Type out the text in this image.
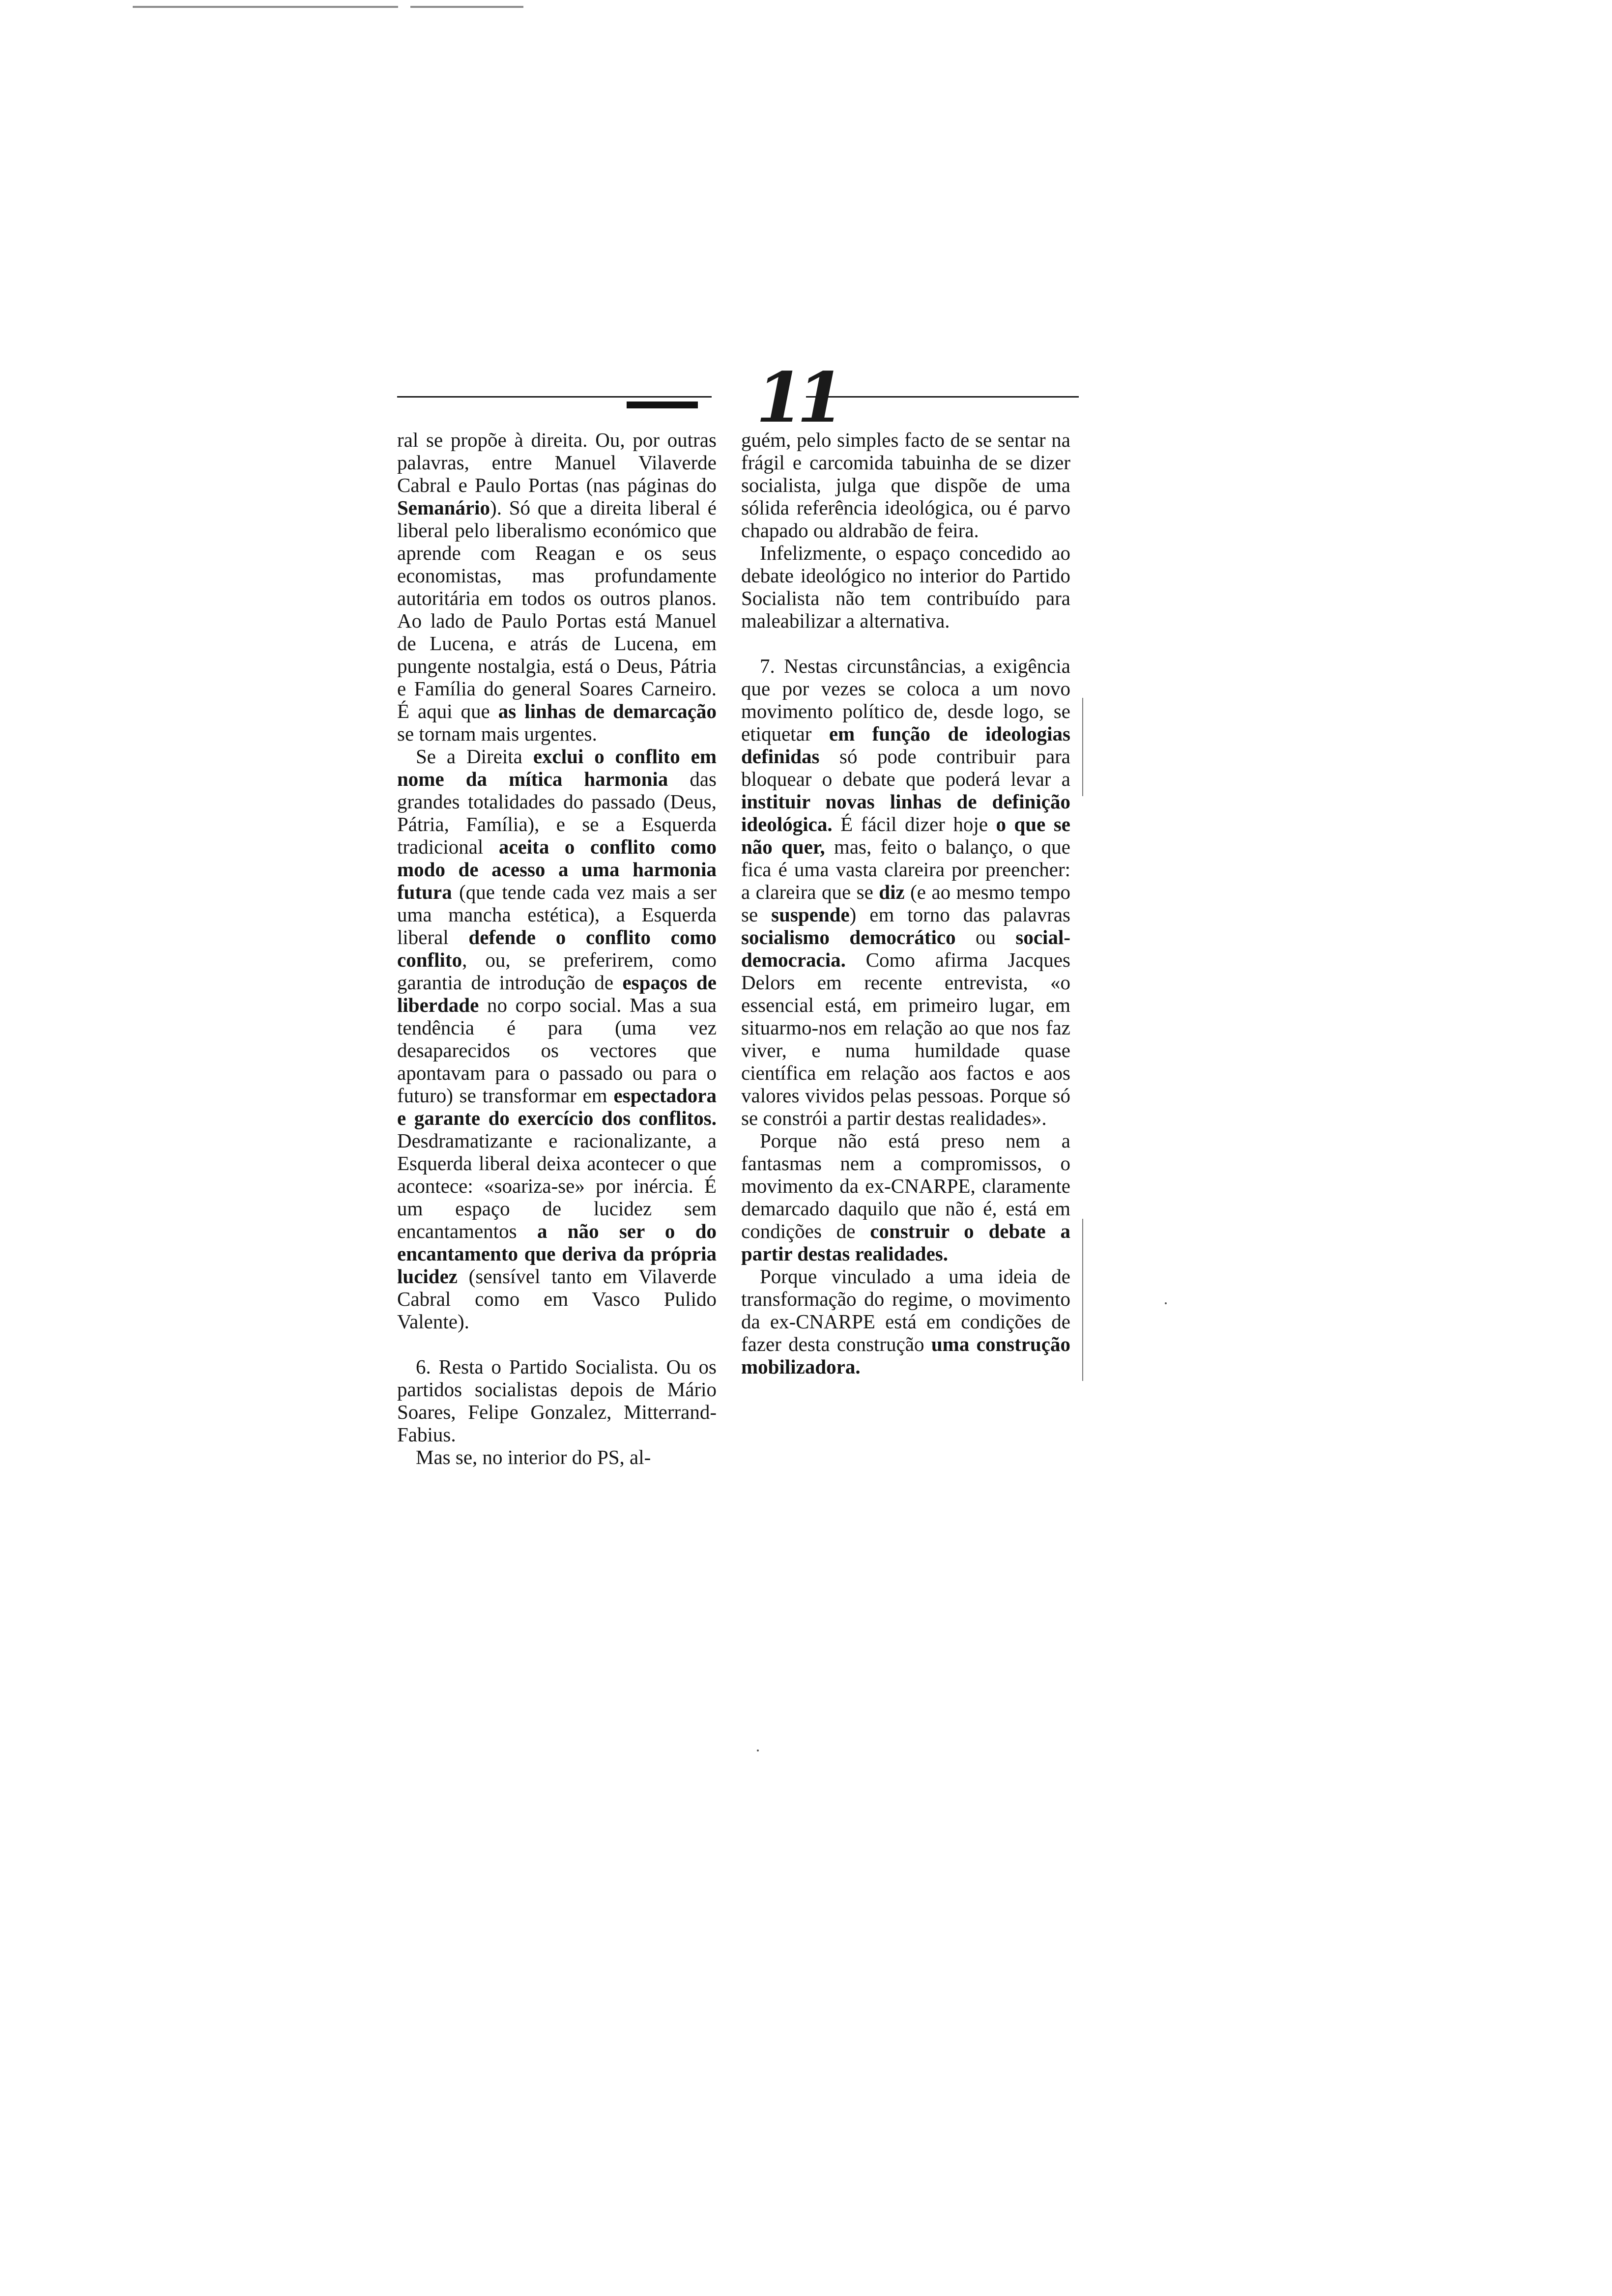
11

ral se propõe à direita. Ou, por outras palavras, entre Manuel Vilaverde Cabral e Paulo Portas (nas páginas do Semanário). Só que a direita liberal é liberal pelo liberalismo económico que aprende com Reagan e os seus economistas, mas profundamente autoritária em todos os outros planos. Ao lado de Paulo Portas está Manuel de Lucena, e atrás de Lucena, em pungente nostalgia, está o Deus, Pátria e Família do general Soares Carneiro. É aqui que as linhas de demarcação se tornam mais urgentes.

Se a Direita exclui o conflito em nome da mítica harmonia das grandes totalidades do passado (Deus, Pátria, Família), e se a Esquerda tradicional aceita o conflito como modo de acesso a uma harmonia futura (que tende cada vez mais a ser uma mancha estética), a Esquerda liberal defende o conflito como conflito, ou, se preferirem, como garantia de introdução de espaços de liberdade no corpo social. Mas a sua tendência é para (uma vez desaparecidos os vectores que apontavam para o passado ou para o futuro) se transformar em espectadora e garante do exercício dos conflitos. Desdramatizante e racionalizante, a Esquerda liberal deixa acontecer o que acontece: «soariza-se» por inércia. É um espaço de lucidez sem encantamentos a não ser o do encantamento que deriva da própria lucidez (sensível tanto em Vilaverde Cabral como em Vasco Pulido Valente).

6. Resta o Partido Socialista. Ou os partidos socialistas depois de Mário Soares, Felipe Gonzalez, Mitterrand-Fabius.

Mas se, no interior do PS, al-

guém, pelo simples facto de se sentar na frágil e carcomida tabuinha de se dizer socialista, julga que dispõe de uma sólida referência ideológica, ou é parvo chapado ou aldrabão de feira.

Infelizmente, o espaço concedido ao debate ideológico no interior do Partido Socialista não tem contribuído para maleabilizar a alternativa.

7. Nestas circunstâncias, a exigência que por vezes se coloca a um novo movimento político de, desde logo, se etiquetar em função de ideologias definidas só pode contribuir para bloquear o debate que poderá levar a instituir novas linhas de definição ideológica. É fácil dizer hoje o que se não quer, mas, feito o balanço, o que fica é uma vasta clareira por preencher: a clareira que se diz (e ao mesmo tempo se suspende) em torno das palavras socialismo democrático ou social-democracia. Como afirma Jacques Delors em recente entrevista, «o essencial está, em primeiro lugar, em situarmo-nos em relação ao que nos faz viver, e numa humildade quase científica em relação aos factos e aos valores vividos pelas pessoas. Porque só se constrói a partir destas realidades».

Porque não está preso nem a fantasmas nem a compromissos, o movimento da ex-CNARPE, claramente demarcado daquilo que não é, está em condições de construir o debate a partir destas realidades.

Porque vinculado a uma ideia de transformação do regime, o movimento da ex-CNARPE está em condições de fazer desta construção uma construção mobilizadora.
